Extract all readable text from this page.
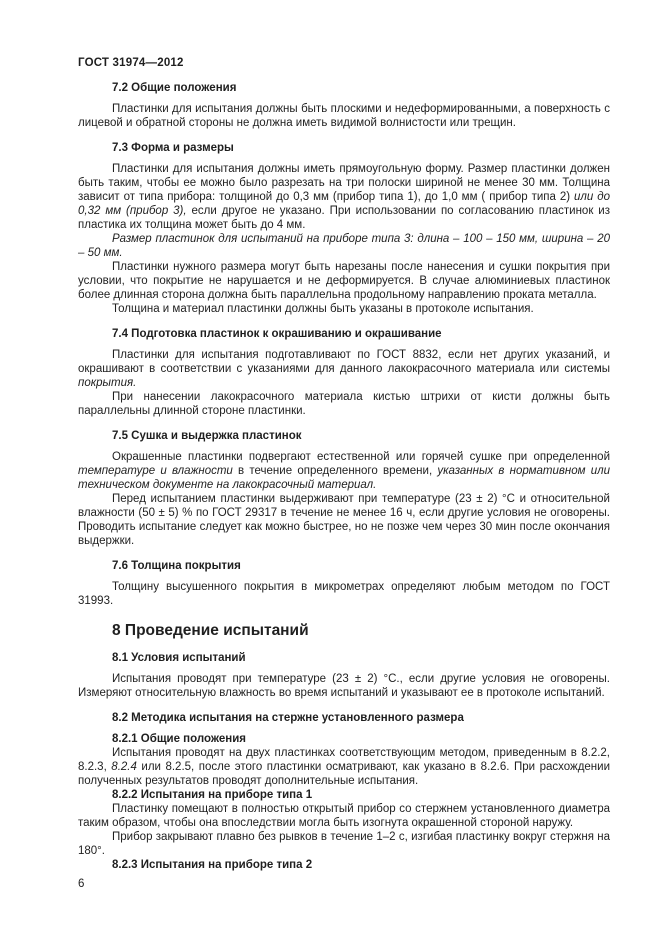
ГОСТ 31974—2012
7.2 Общие положения
Пластинки для испытания должны быть плоскими и недеформированными, а поверхность с лицевой и обратной стороны не должна иметь видимой волнистости или трещин.
7.3 Форма и размеры
Пластинки для испытания должны иметь прямоугольную форму. Размер пластинки должен быть таким, чтобы ее можно было разрезать на три полоски шириной не менее 30 мм. Толщина зависит от типа прибора: толщиной до 0,3 мм (прибор типа 1), до 1,0 мм ( прибор типа 2) или до 0,32 мм (прибор 3), если другое не указано. При использовании по согласованию пластинок из пластика их толщина может быть до 4 мм.
Размер пластинок для испытаний на приборе типа 3: длина – 100 – 150 мм, ширина – 20 – 50 мм.
Пластинки нужного размера могут быть нарезаны после нанесения и сушки покрытия при условии, что покрытие не нарушается и не деформируется. В случае алюминиевых пластинок более длинная сторона должна быть параллельна продольному направлению проката металла.
Толщина и материал пластинки должны быть указаны в протоколе испытания.
7.4 Подготовка пластинок к окрашиванию и окрашивание
Пластинки для испытания подготавливают по ГОСТ 8832, если нет других указаний, и окрашивают в соответствии с указаниями для данного лакокрасочного материала или системы покрытия.
При нанесении лакокрасочного материала кистью штрихи от кисти должны быть параллельны длинной стороне пластинки.
7.5 Сушка и выдержка пластинок
Окрашенные пластинки подвергают естественной или горячей сушке при определенной температуре и влажности в течение определенного времени, указанных в нормативном или техническом документе на лакокрасочный материал.
Перед испытанием пластинки выдерживают при температуре (23 ± 2) °С и относительной влажности (50 ± 5) % по ГОСТ 29317 в течение не менее 16 ч, если другие условия не оговорены. Проводить испытание следует как можно быстрее, но не позже чем через 30 мин после окончания выдержки.
7.6 Толщина покрытия
Толщину высушенного покрытия в микрометрах определяют любым методом по ГОСТ 31993.
8 Проведение испытаний
8.1 Условия испытаний
Испытания проводят при температуре (23 ± 2) °С., если другие условия не оговорены. Измеряют относительную влажность во время испытаний и указывают ее в протоколе испытаний.
8.2 Методика испытания на стержне установленного размера
8.2.1 Общие положения
Испытания проводят на двух пластинках соответствующим методом, приведенным в 8.2.2, 8.2.3, 8.2.4 или 8.2.5, после этого пластинки осматривают, как указано в 8.2.6. При расхождении полученных результатов проводят дополнительные испытания.
8.2.2 Испытания на приборе типа 1
Пластинку помещают в полностью открытый прибор со стержнем установленного диаметра таким образом, чтобы она впоследствии могла быть изогнута окрашенной стороной наружу.
Прибор закрывают плавно без рывков в течение 1–2 с, изгибая пластинку вокруг стержня на 180°.
8.2.3 Испытания на приборе типа 2
6
